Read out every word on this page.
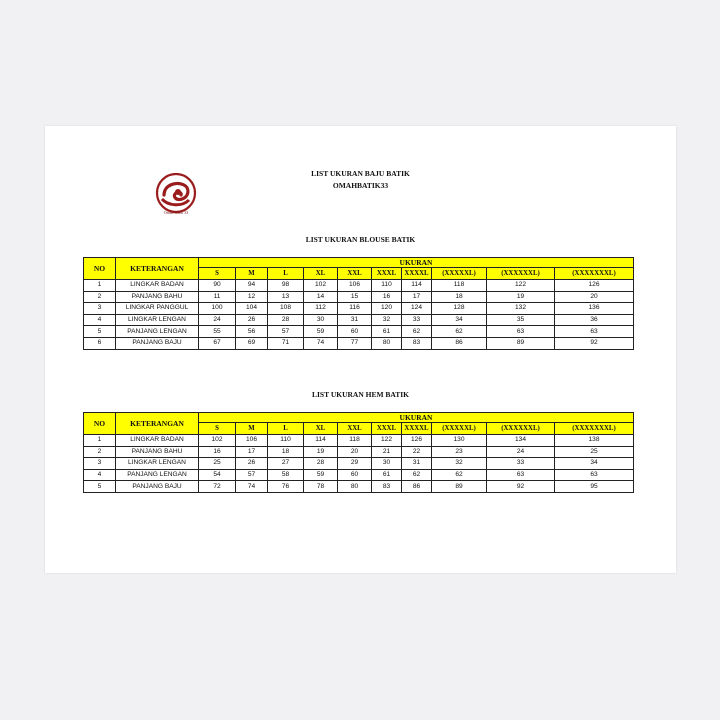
Omah Batik 33
LIST UKURAN BAJU BATIK
OMAHBATIK33
LIST UKURAN BLOUSE BATIK
NO	KETERANGAN	UKURAN									
		S	M	L	XL	XXL	XXXL	XXXXL	(XXXXXL)	(XXXXXXL)	(XXXXXXXL)
1	LINGKAR BADAN	90	94	98	102	106	110	114	118	122	126
2	PANJANG BAHU	11	12	13	14	15	16	17	18	19	20
3	LINGKAR PANGGUL	100	104	108	112	116	120	124	128	132	136
4	LINGKAR LENGAN	24	26	28	30	31	32	33	34	35	36
5	PANJANG LENGAN	55	56	57	59	60	61	62	62	63	63
6	PANJANG BAJU	67	69	71	74	77	80	83	86	89	92
LIST UKURAN HEM BATIK
NO	KETERANGAN	UKURAN									
		S	M	L	XL	XXL	XXXL	XXXXL	(XXXXXL)	(XXXXXXL)	(XXXXXXXL)
1	LINGKAR BADAN	102	106	110	114	118	122	126	130	134	138
2	PANJANG BAHU	16	17	18	19	20	21	22	23	24	25
3	LINGKAR LENGAN	25	26	27	28	29	30	31	32	33	34
4	PANJANG LENGAN	54	57	58	59	60	61	62	62	63	63
5	PANJANG BAJU	72	74	76	78	80	83	86	89	92	95
